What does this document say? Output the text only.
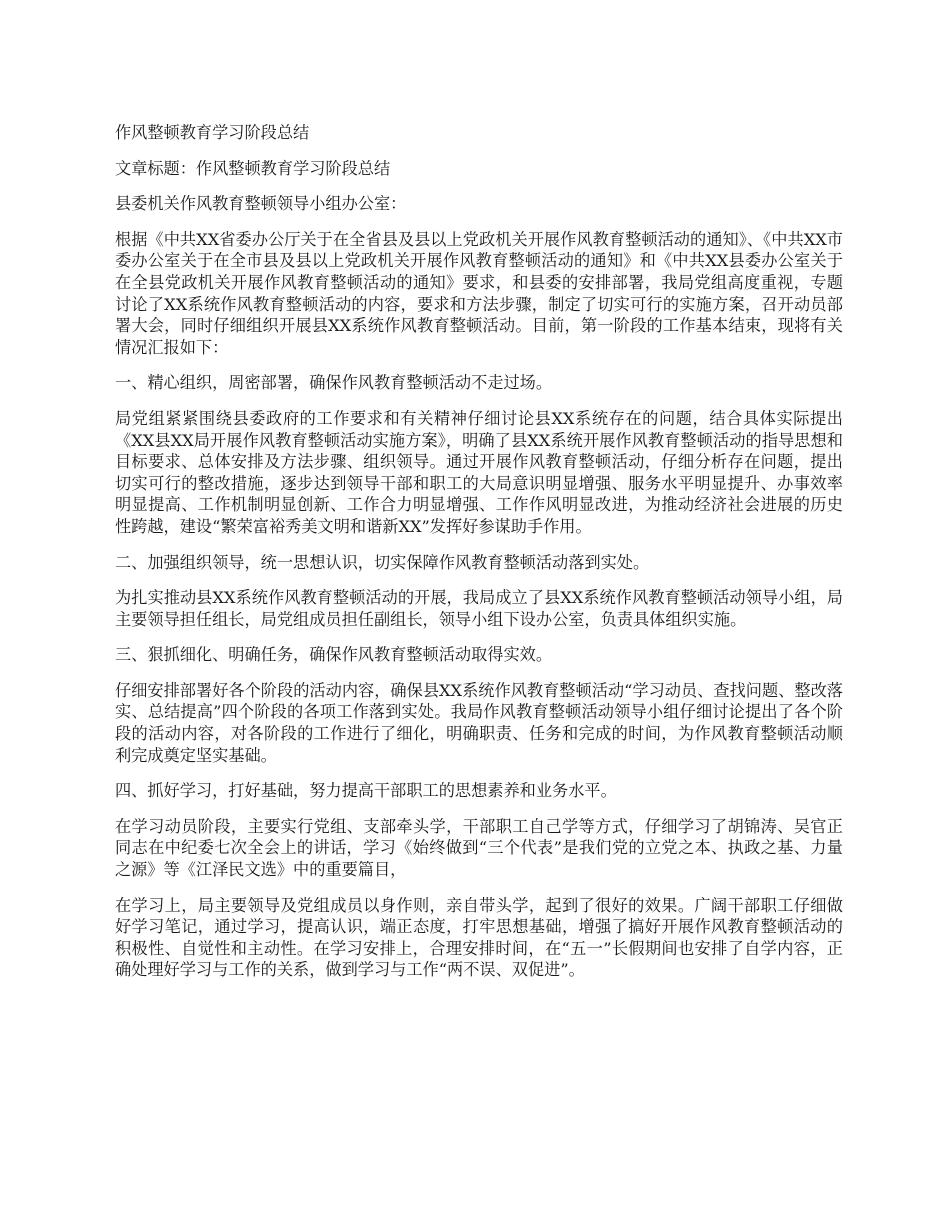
作风整顿教育学习阶段总结

文章标题：作风整顿教育学习阶段总结

县委机关作风教育整顿领导小组办公室：

根据《中共XX省委办公厅关于在全省县及县以上党政机关开展作风教育整顿活动的通知》、《中共XX市委办公室关于在全市县及县以上党政机关开展作风教育整顿活动的通知》和《中共XX县委办公室关于在全县党政机关开展作风教育整顿活动的通知》要求，和县委的安排部署，我局党组高度重视，专题讨论了XX系统作风教育整顿活动的内容，要求和方法步骤，制定了切实可行的实施方案，召开动员部署大会，同时仔细组织开展县XX系统作风教育整顿活动。目前，第一阶段的工作基本结束，现将有关情况汇报如下：

一、精心组织，周密部署，确保作风教育整顿活动不走过场。

局党组紧紧围绕县委政府的工作要求和有关精神仔细讨论县XX系统存在的问题，结合具体实际提出《XX县XX局开展作风教育整顿活动实施方案》，明确了县XX系统开展作风教育整顿活动的指导思想和目标要求、总体安排及方法步骤、组织领导。通过开展作风教育整顿活动，仔细分析存在问题，提出切实可行的整改措施，逐步达到领导干部和职工的大局意识明显增强、服务水平明显提升、办事效率明显提高、工作机制明显创新、工作合力明显增强、工作作风明显改进，为推动经济社会进展的历史性跨越，建设“繁荣富裕秀美文明和谐新XX”发挥好参谋助手作用。

二、加强组织领导，统一思想认识，切实保障作风教育整顿活动落到实处。

为扎实推动县XX系统作风教育整顿活动的开展，我局成立了县XX系统作风教育整顿活动领导小组，局主要领导担任组长，局党组成员担任副组长，领导小组下设办公室，负责具体组织实施。

三、狠抓细化、明确任务，确保作风教育整顿活动取得实效。

仔细安排部署好各个阶段的活动内容，确保县XX系统作风教育整顿活动“学习动员、查找问题、整改落实、总结提高”四个阶段的各项工作落到实处。我局作风教育整顿活动领导小组仔细讨论提出了各个阶段的活动内容，对各阶段的工作进行了细化，明确职责、任务和完成的时间，为作风教育整顿活动顺利完成奠定坚实基础。

四、抓好学习，打好基础，努力提高干部职工的思想素养和业务水平。

在学习动员阶段，主要实行党组、支部牵头学，干部职工自己学等方式，仔细学习了胡锦涛、吴官正同志在中纪委七次全会上的讲话，学习《始终做到“三个代表”是我们党的立党之本、执政之基、力量之源》等《江泽民文选》中的重要篇目，

在学习上，局主要领导及党组成员以身作则，亲自带头学，起到了很好的效果。广阔干部职工仔细做好学习笔记，通过学习，提高认识，端正态度，打牢思想基础，增强了搞好开展作风教育整顿活动的积极性、自觉性和主动性。在学习安排上，合理安排时间，在“五一”长假期间也安排了自学内容，正确处理好学习与工作的关系，做到学习与工作“两不误、双促进”。
